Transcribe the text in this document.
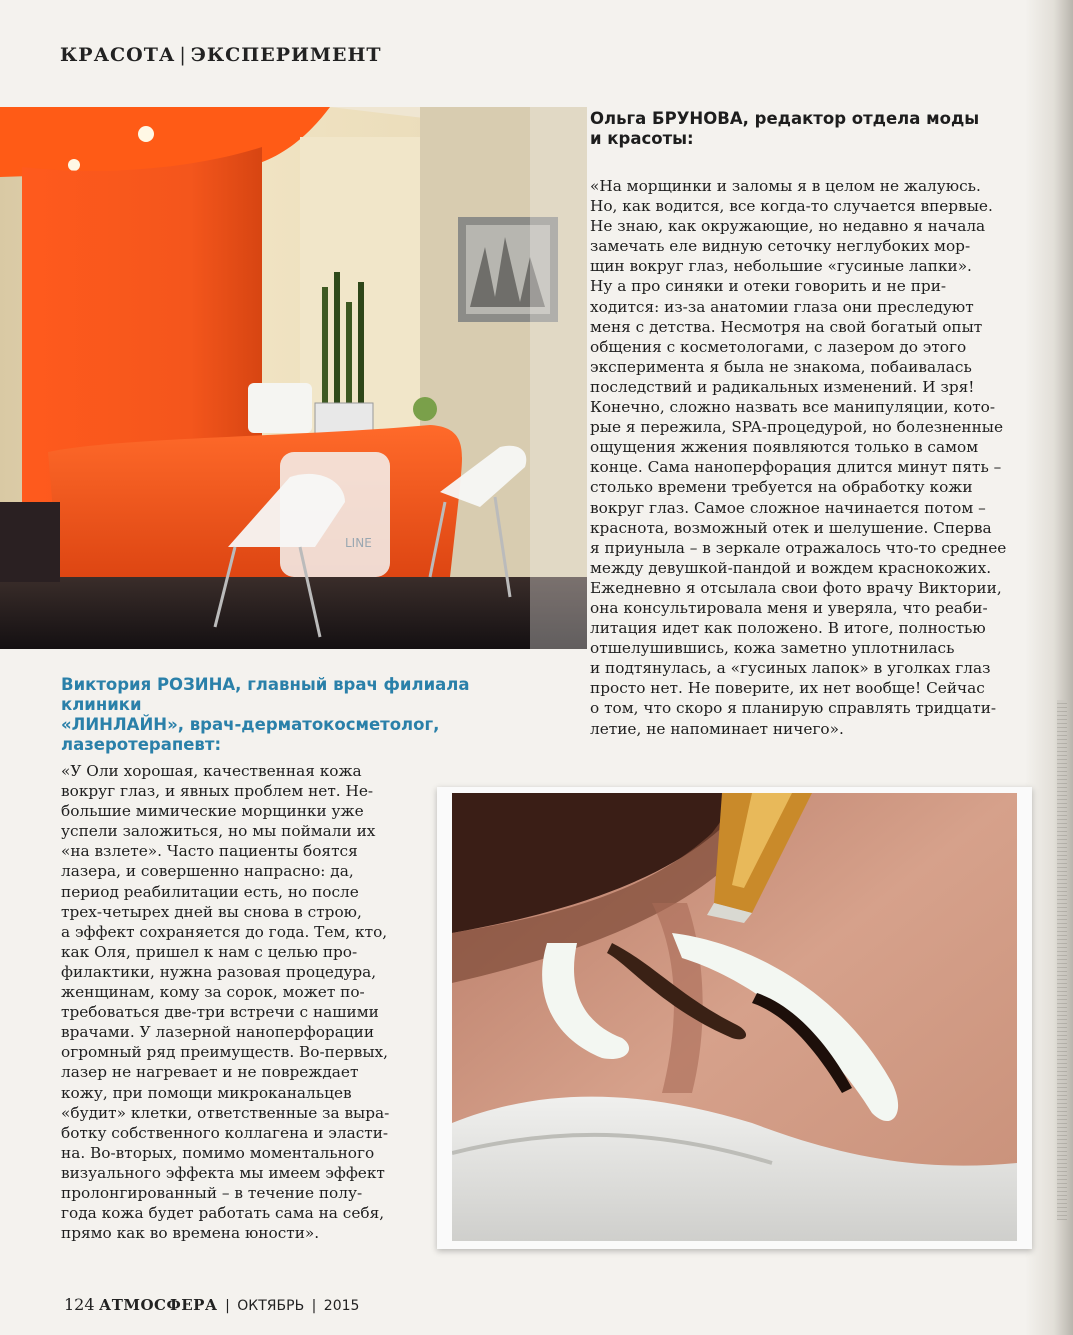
КРАСОТА | ЭКСПЕРИМЕНТ
LINE
Ольга БРУНОВА, редактор отдела моды
и красоты:
«На морщинки и заломы я в целом не жалуюсь.
Но, как водится, все когда-то случается впервые.
Не знаю, как окружающие, но недавно я начала
замечать еле видную сеточку неглубоких мор-
щин вокруг глаз, небольшие «гусиные лапки».
Ну а про синяки и отеки говорить и не при-
ходится: из-за анатомии глаза они преследуют
меня с детства. Несмотря на свой богатый опыт
общения с косметологами, с лазером до этого
эксперимента я была не знакома, побаивалась
последствий и радикальных изменений. И зря!
Конечно, сложно назвать все манипуляции, кото-
рые я пережила, SPA-процедурой, но болезненные
ощущения жжения появляются только в самом
конце. Сама наноперфорация длится минут пять –
столько времени требуется на обработку кожи
вокруг глаз. Самое сложное начинается потом –
краснота, возможный отек и шелушение. Сперва
я приуныла – в зеркале отражалось что-то среднее
между девушкой-пандой и вождем краснокожих.
Ежедневно я отсылала свои фото врачу Виктории,
она консультировала меня и уверяла, что реаби-
литация идет как положено. В итоге, полностью
отшелушившись, кожа заметно уплотнилась
и подтянулась, а «гусиных лапок» в уголках глаз
просто нет. Не поверите, их нет вообще! Сейчас
о том, что скоро я планирую справлять тридцати-
летие, не напоминает ничего».
Виктория РОЗИНА, главный врач филиала клиники
«ЛИНЛАЙН», врач-дерматокосметолог,
лазеротерапевт:
«У Оли хорошая, качественная кожа
вокруг глаз, и явных проблем нет. Не-
большие мимические морщинки уже
успели заложиться, но мы поймали их
«на взлете». Часто пациенты боятся
лазера, и совершенно напрасно: да,
период реабилитации есть, но после
трех-четырех дней вы снова в строю,
а эффект сохраняется до года. Тем, кто,
как Оля, пришел к нам с целью про-
филактики, нужна разовая процедура,
женщинам, кому за сорок, может по-
требоваться две-три встречи с нашими
врачами. У лазерной наноперфорации
огромный ряд преимуществ. Во-первых,
лазер не нагревает и не повреждает
кожу, при помощи микроканальцев
«будит» клетки, ответственные за выра-
ботку собственного коллагена и эласти-
на. Во-вторых, помимо моментального
визуального эффекта мы имеем эффект
пролонгированный – в течение полу-
года кожа будет работать сама на себя,
прямо как во времена юности».
124 АТМОСФЕРА | ОКТЯБРЬ | 2015
